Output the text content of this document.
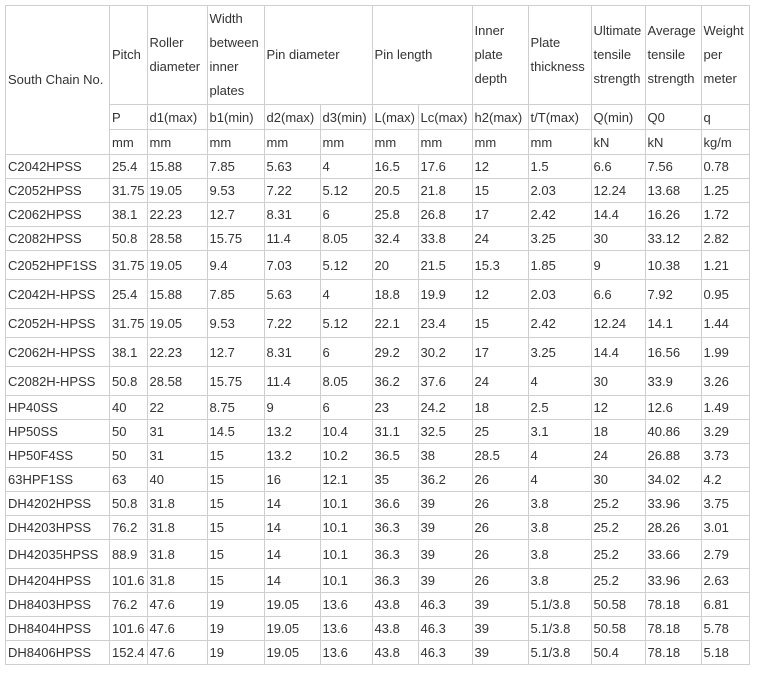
South Chain No.	Pitch	Roller diameter	Width between inner plates	Pin diameter		Pin length		Inner plate depth	Plate thickness	Ultimate tensile strength	Average tensile strength	Weight per meter
	P	d1(max)	b1(min)	d2(max)	d3(min)	L(max)	Lc(max)	h2(max)	t/T(max)	Q(min)	Q0	q
	mm	mm	mm	mm	mm	mm	mm	mm	mm	kN	kN	kg/m
C2042HPSS	25.4	15.88	7.85	5.63	4	16.5	17.6	12	1.5	6.6	7.56	0.78
C2052HPSS	31.75	19.05	9.53	7.22	5.12	20.5	21.8	15	2.03	12.24	13.68	1.25
C2062HPSS	38.1	22.23	12.7	8.31	6	25.8	26.8	17	2.42	14.4	16.26	1.72
C2082HPSS	50.8	28.58	15.75	11.4	8.05	32.4	33.8	24	3.25	30	33.12	2.82
C2052HPF1SS	31.75	19.05	9.4	7.03	5.12	20	21.5	15.3	1.85	9	10.38	1.21
C2042H-HPSS	25.4	15.88	7.85	5.63	4	18.8	19.9	12	2.03	6.6	7.92	0.95
C2052H-HPSS	31.75	19.05	9.53	7.22	5.12	22.1	23.4	15	2.42	12.24	14.1	1.44
C2062H-HPSS	38.1	22.23	12.7	8.31	6	29.2	30.2	17	3.25	14.4	16.56	1.99
C2082H-HPSS	50.8	28.58	15.75	11.4	8.05	36.2	37.6	24	4	30	33.9	3.26
HP40SS	40	22	8.75	9	6	23	24.2	18	2.5	12	12.6	1.49
HP50SS	50	31	14.5	13.2	10.4	31.1	32.5	25	3.1	18	40.86	3.29
HP50F4SS	50	31	15	13.2	10.2	36.5	38	28.5	4	24	26.88	3.73
63HPF1SS	63	40	15	16	12.1	35	36.2	26	4	30	34.02	4.2
DH4202HPSS	50.8	31.8	15	14	10.1	36.6	39	26	3.8	25.2	33.96	3.75
DH4203HPSS	76.2	31.8	15	14	10.1	36.3	39	26	3.8	25.2	28.26	3.01
DH42035HPSS	88.9	31.8	15	14	10.1	36.3	39	26	3.8	25.2	33.66	2.79
DH4204HPSS	101.6	31.8	15	14	10.1	36.3	39	26	3.8	25.2	33.96	2.63
DH8403HPSS	76.2	47.6	19	19.05	13.6	43.8	46.3	39	5.1/3.8	50.58	78.18	6.81
DH8404HPSS	101.6	47.6	19	19.05	13.6	43.8	46.3	39	5.1/3.8	50.58	78.18	5.78
DH8406HPSS	152.4	47.6	19	19.05	13.6	43.8	46.3	39	5.1/3.8	50.4	78.18	5.18
